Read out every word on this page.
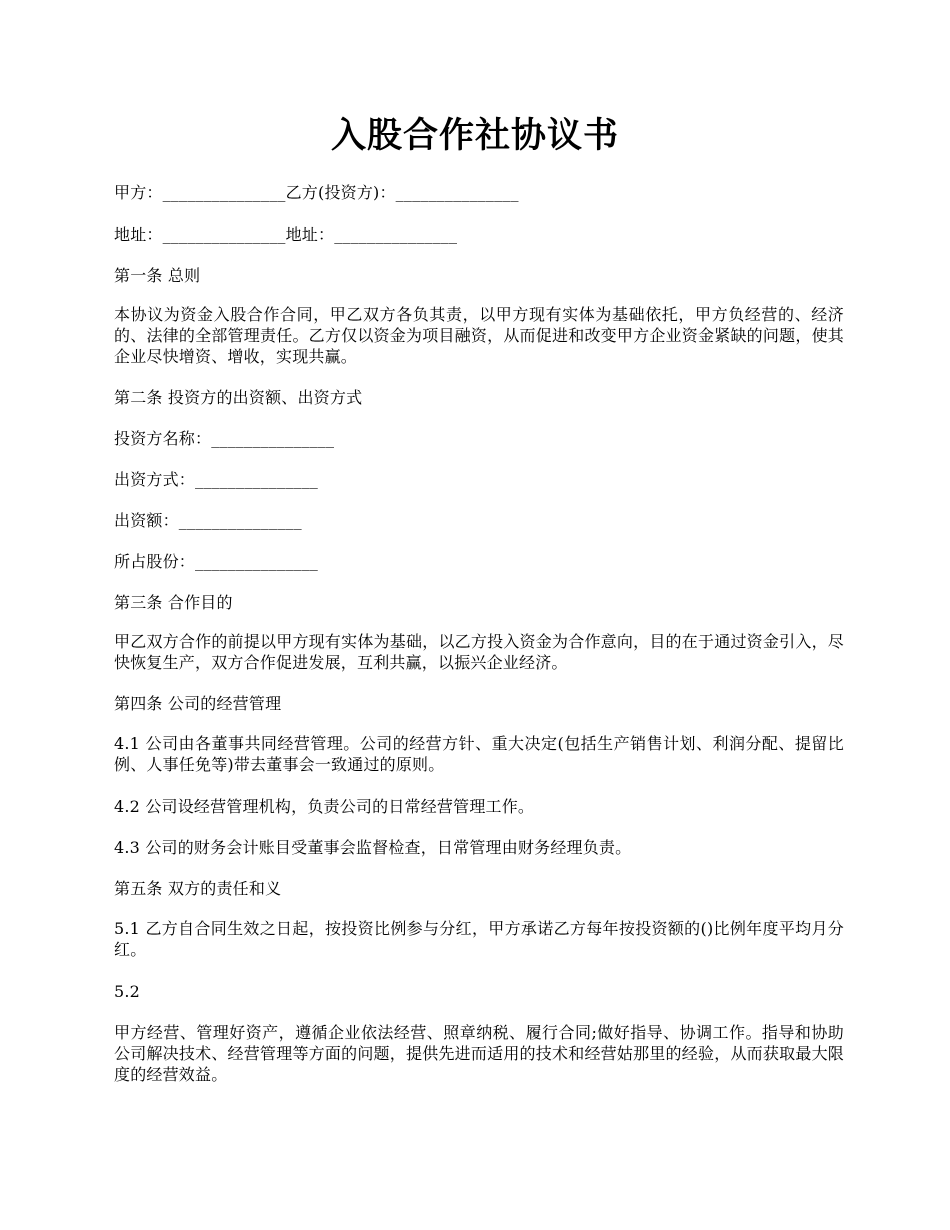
入股合作社协议书
甲方：_______________乙方(投资方)：_______________
地址：_______________地址：_______________
第一条 总则
本协议为资金入股合作合同，甲乙双方各负其责，以甲方现有实体为基础依托，甲方负经营的、经济的、法律的全部管理责任。乙方仅以资金为项目融资，从而促进和改变甲方企业资金紧缺的问题，使其企业尽快增资、增收，实现共赢。
第二条 投资方的出资额、出资方式
投资方名称：_______________
出资方式：_______________
出资额：_______________
所占股份：_______________
第三条 合作目的
甲乙双方合作的前提以甲方现有实体为基础，以乙方投入资金为合作意向，目的在于通过资金引入，尽快恢复生产，双方合作促进发展，互利共赢，以振兴企业经济。
第四条 公司的经营管理
4.1 公司由各董事共同经营管理。公司的经营方针、重大决定(包括生产销售计划、利润分配、提留比例、人事任免等)带去董事会一致通过的原则。
4.2 公司设经营管理机构，负责公司的日常经营管理工作。
4.3 公司的财务会计账目受董事会监督检查，日常管理由财务经理负责。
第五条 双方的责任和义
5.1 乙方自合同生效之日起，按投资比例参与分红，甲方承诺乙方每年按投资额的()比例年度平均月分红。
5.2
甲方经营、管理好资产，遵循企业依法经营、照章纳税、履行合同;做好指导、协调工作。指导和协助公司解决技术、经营管理等方面的问题，提供先进而适用的技术和经营姑那里的经验，从而获取最大限度的经营效益。
